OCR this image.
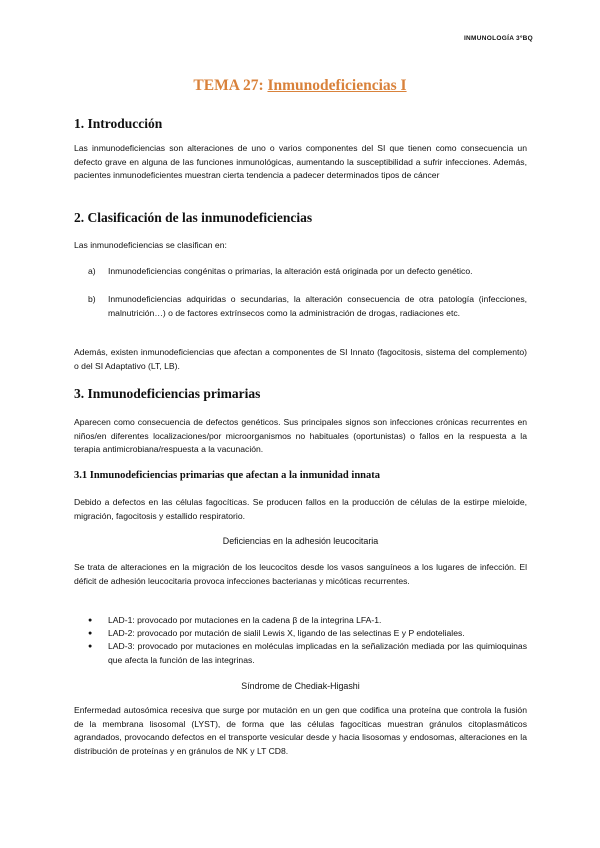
INMUNOLOGÍA 3ºBQ
TEMA 27: Inmunodeficiencias I
1. Introducción
Las inmunodeficiencias son alteraciones de uno o varios componentes del SI que tienen como consecuencia un defecto grave en alguna de las funciones inmunológicas, aumentando la susceptibilidad a sufrir infecciones. Además, pacientes inmunodeficientes muestran cierta tendencia a padecer determinados tipos de cáncer
2. Clasificación de las inmunodeficiencias
Las inmunodeficiencias se clasifican en:
a) Inmunodeficiencias congénitas o primarias, la alteración está originada por un defecto genético.
b) Inmunodeficiencias adquiridas o secundarias, la alteración consecuencia de otra patología (infecciones, malnutrición…) o de factores extrínsecos como la administración de drogas, radiaciones etc.
Además, existen inmunodeficiencias que afectan a componentes de SI Innato (fagocitosis, sistema del complemento) o del SI Adaptativo (LT, LB).
3. Inmunodeficiencias primarias
Aparecen como consecuencia de defectos genéticos. Sus principales signos son infecciones crónicas recurrentes en niños/en diferentes localizaciones/por microorganismos no habituales (oportunistas) o fallos en la respuesta a la terapia antimicrobiana/respuesta a la vacunación.
3.1 Inmunodeficiencias primarias que afectan a la inmunidad innata
Debido a defectos en las células fagocíticas. Se producen fallos en la producción de células de la estirpe mieloide, migración, fagocitosis y estallido respiratorio.
Deficiencias en la adhesión leucocitaria
Se trata de alteraciones en la migración de los leucocitos desde los vasos sanguíneos a los lugares de infección. El déficit de adhesión leucocitaria provoca infecciones bacterianas y micóticas recurrentes.
● LAD-1: provocado por mutaciones en la cadena β de la integrina LFA-1.
● LAD-2: provocado por mutación de sialil Lewis X, ligando de las selectinas E y P endoteliales.
● LAD-3: provocado por mutaciones en moléculas implicadas en la señalización mediada por las quimioquinas que afecta la función de las integrinas.
Síndrome de Chediak-Higashi
Enfermedad autosómica recesiva que surge por mutación en un gen que codifica una proteína que controla la fusión de la membrana lisosomal (LYST), de forma que las células fagocíticas muestran gránulos citoplasmáticos agrandados, provocando defectos en el transporte vesicular desde y hacia lisosomas y endosomas, alteraciones en la distribución de proteínas y en gránulos de NK y LT CD8.
